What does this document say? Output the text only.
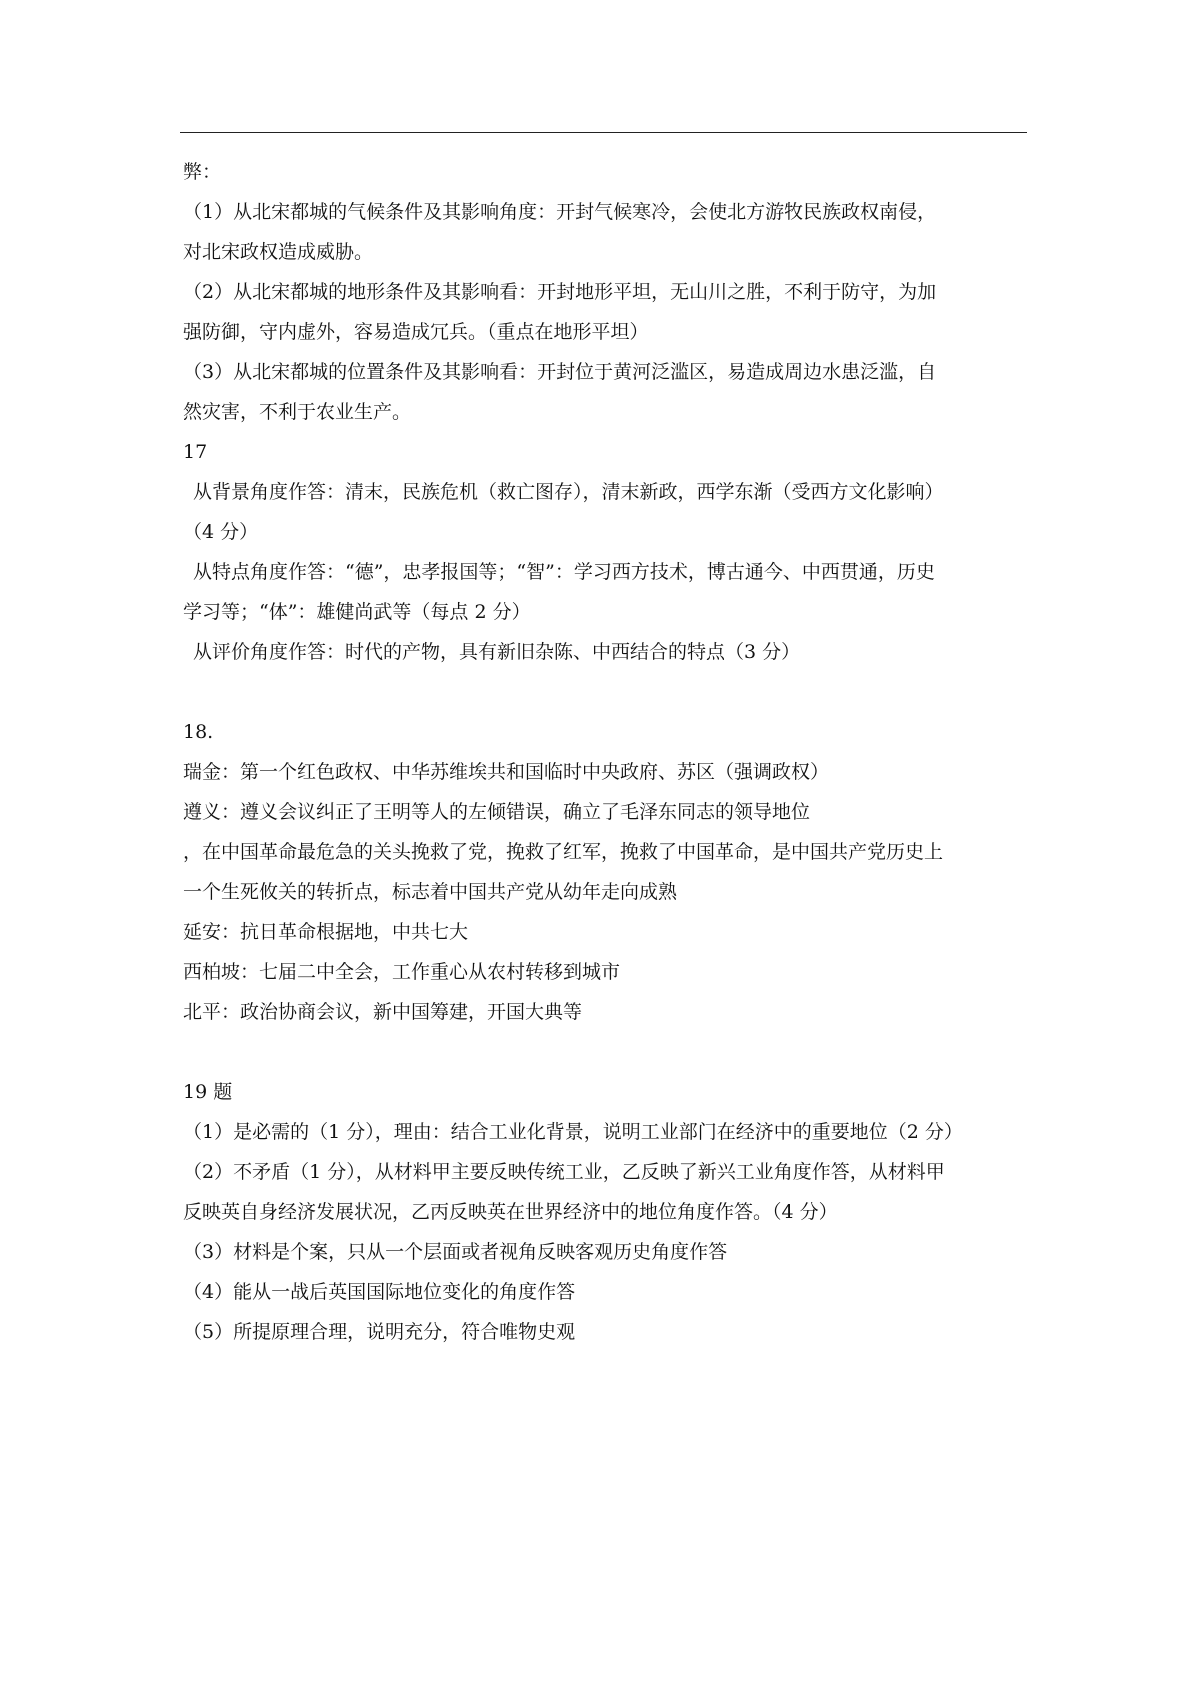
弊：
（1）从北宋都城的气候条件及其影响角度：开封气候寒冷，会使北方游牧民族政权南侵，
对北宋政权造成威胁。
（2）从北宋都城的地形条件及其影响看：开封地形平坦，无山川之胜，不利于防守，为加
强防御，守内虚外，容易造成冗兵。（重点在地形平坦）
（3）从北宋都城的位置条件及其影响看：开封位于黄河泛滥区，易造成周边水患泛滥，自
然灾害，不利于农业生产。
17
从背景角度作答：清末，民族危机（救亡图存），清末新政，西学东渐（受西方文化影响）
（4 分）
从特点角度作答：“德”，忠孝报国等；“智”：学习西方技术，博古通今、中西贯通，历史
学习等；“体”：雄健尚武等（每点 2 分）
从评价角度作答：时代的产物，具有新旧杂陈、中西结合的特点（3 分）
18.
瑞金：第一个红色政权、中华苏维埃共和国临时中央政府、苏区（强调政权）
遵义：遵义会议纠正了王明等人的左倾错误，确立了毛泽东同志的领导地位
，在中国革命最危急的关头挽救了党，挽救了红军，挽救了中国革命，是中国共产党历史上
一个生死攸关的转折点，标志着中国共产党从幼年走向成熟
延安：抗日革命根据地，中共七大
西柏坡：七届二中全会，工作重心从农村转移到城市
北平：政治协商会议，新中国筹建，开国大典等
19 题
（1）是必需的（1 分），理由：结合工业化背景，说明工业部门在经济中的重要地位（2 分）
（2）不矛盾（1 分），从材料甲主要反映传统工业，乙反映了新兴工业角度作答，从材料甲
反映英自身经济发展状况，乙丙反映英在世界经济中的地位角度作答。（4 分）
（3）材料是个案，只从一个层面或者视角反映客观历史角度作答
（4）能从一战后英国国际地位变化的角度作答
（5）所提原理合理，说明充分，符合唯物史观
